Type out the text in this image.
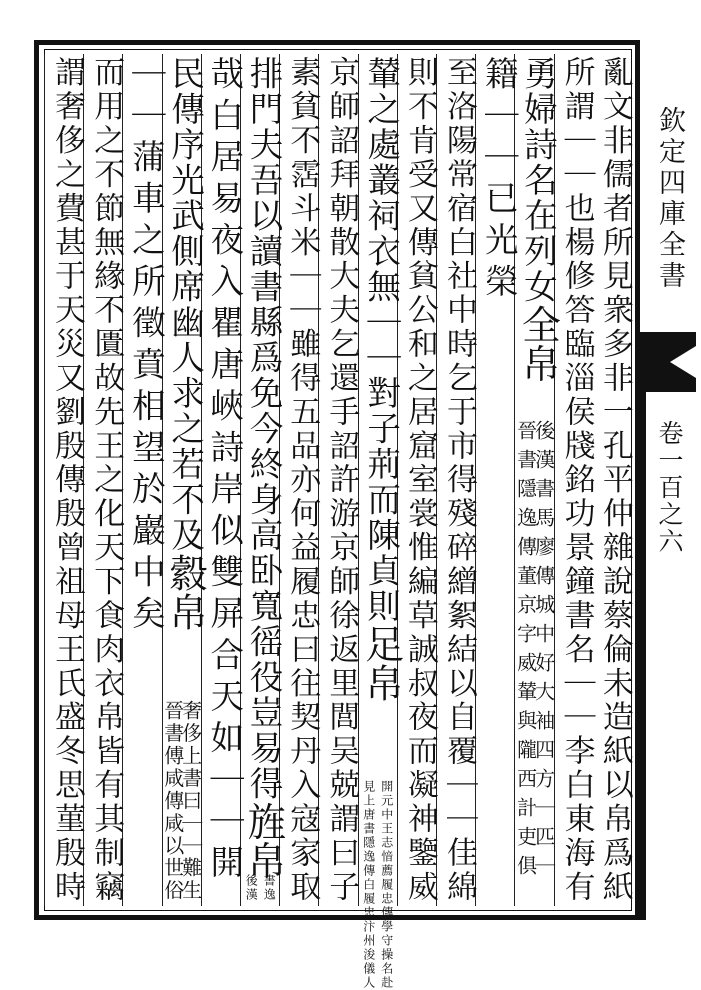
欽定四庫全書
卷一百之六
亂文非儒者所見衆多非一孔平仲雜說蔡倫未造紙以帛爲紙
所謂｜｜也楊修答臨淄侯牋銘功景鐘書名｜｜李白東海有
勇婦詩名在列女全帛
後漢書馬廖傳城中好大袖四方｜匹｜
晉書隱逸傳董京字威輦與隴西計吏俱
籍｜｜已光榮
至洛陽常宿白社中時乞于市得殘碎繒絮結以自覆｜｜佳綿
則不肯受又傳貧公和之居窟室裳惟編草誠叔夜而凝神鑒威
輦之處叢祠衣無｜｜對子荊而陳貞則足帛
開元中王志愔薦履忠傳學守操名赴
見上唐書隱逸傳白履忠汴州浚儀人
京師詔拜朝散大夫乞還手詔許游京師徐返里閭吴兢謂曰子
素貧不霑斗米｜｜雖得五品亦何益履忠曰往契丹入寇家取
排門夫吾以讀書縣爲免今終身高卧寬徭役豈易得旌帛
書逸
後漢
哉白居易夜入瞿唐峽詩岸似雙屏合天如｜｜開
民傳序光武側席幽人求之若不及縠帛
奢侈上書曰｜｜難生
晉書傅咸傳咸以世俗
｜｜蒲車之所徵賁相望於巖中矣
而用之不節無緣不匱故先王之化天下食肉衣帛皆有其制竊
謂奢侈之費甚于天災又劉殷傳殷曾祖母王氏盛冬思菫殷時
